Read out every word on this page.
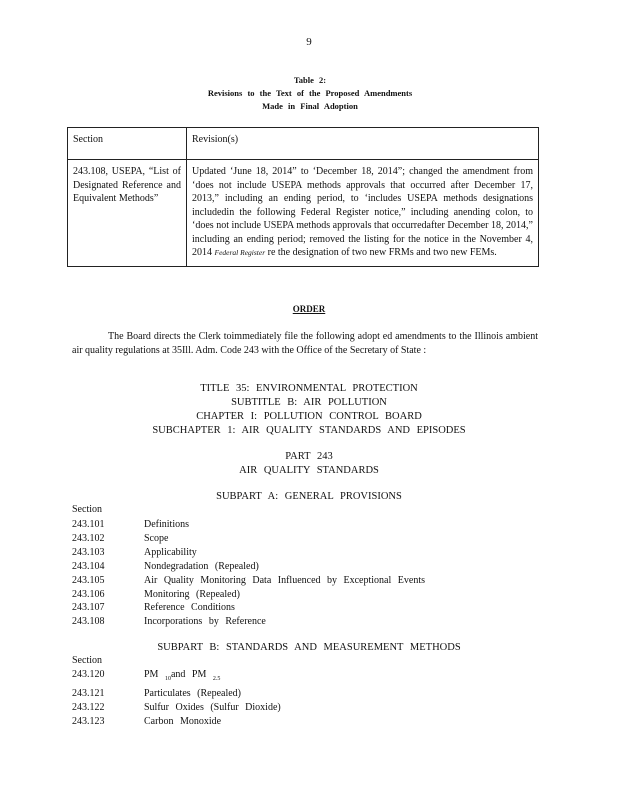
9
Table 2:
Revisions to the Text of the Proposed Amendments
Made in Final Adoption
Section	Revision(s)
243.108, USEPA, “List of Designated Reference and Equivalent Methods”	Updated ‘June 18, 2014” to ‘December 18, 2014”; changed the amendment from ‘does not include USEPA methods approvals that occurred after December 17, 2013,” including an ending period, to ‘includes USEPA methods designations includedin the following Federal Register notice,” including anending colon, to ‘does not include USEPA methods approvals that occurredafter December 18, 2014,” including an ending period; removed the listing for the notice in the November 4, 2014 Federal Register re the designation of two new FRMs and two new FEMs.
ORDER
The Board directs the Clerk toimmediately file the following adopt ed amendments to the Illinois ambient air quality regulations at 35Ill. Adm. Code 243 with the Office of the Secretary of State :
TITLE 35: ENVIRONMENTAL PROTECTION
SUBTITLE B: AIR POLLUTION
CHAPTER I: POLLUTION CONTROL BOARD
SUBCHAPTER 1: AIR QUALITY STANDARDS AND EPISODES
PART 243
AIR QUALITY STANDARDS
SUBPART A: GENERAL PROVISIONS
Section
243.101	Definitions
243.102	Scope
243.103	Applicability
243.104	Nondegradation (Repealed)
243.105	Air Quality Monitoring Data Influenced by Exceptional Events
243.106	Monitoring (Repealed)
243.107	Reference Conditions
243.108	Incorporations by Reference
SUBPART B: STANDARDS AND MEASUREMENT METHODS
Section
243.120	PM $_{10}$and PM $_{2.5}$
243.121	Particulates (Repealed)
243.122	Sulfur Oxides (Sulfur Dioxide)
243.123	Carbon Monoxide
